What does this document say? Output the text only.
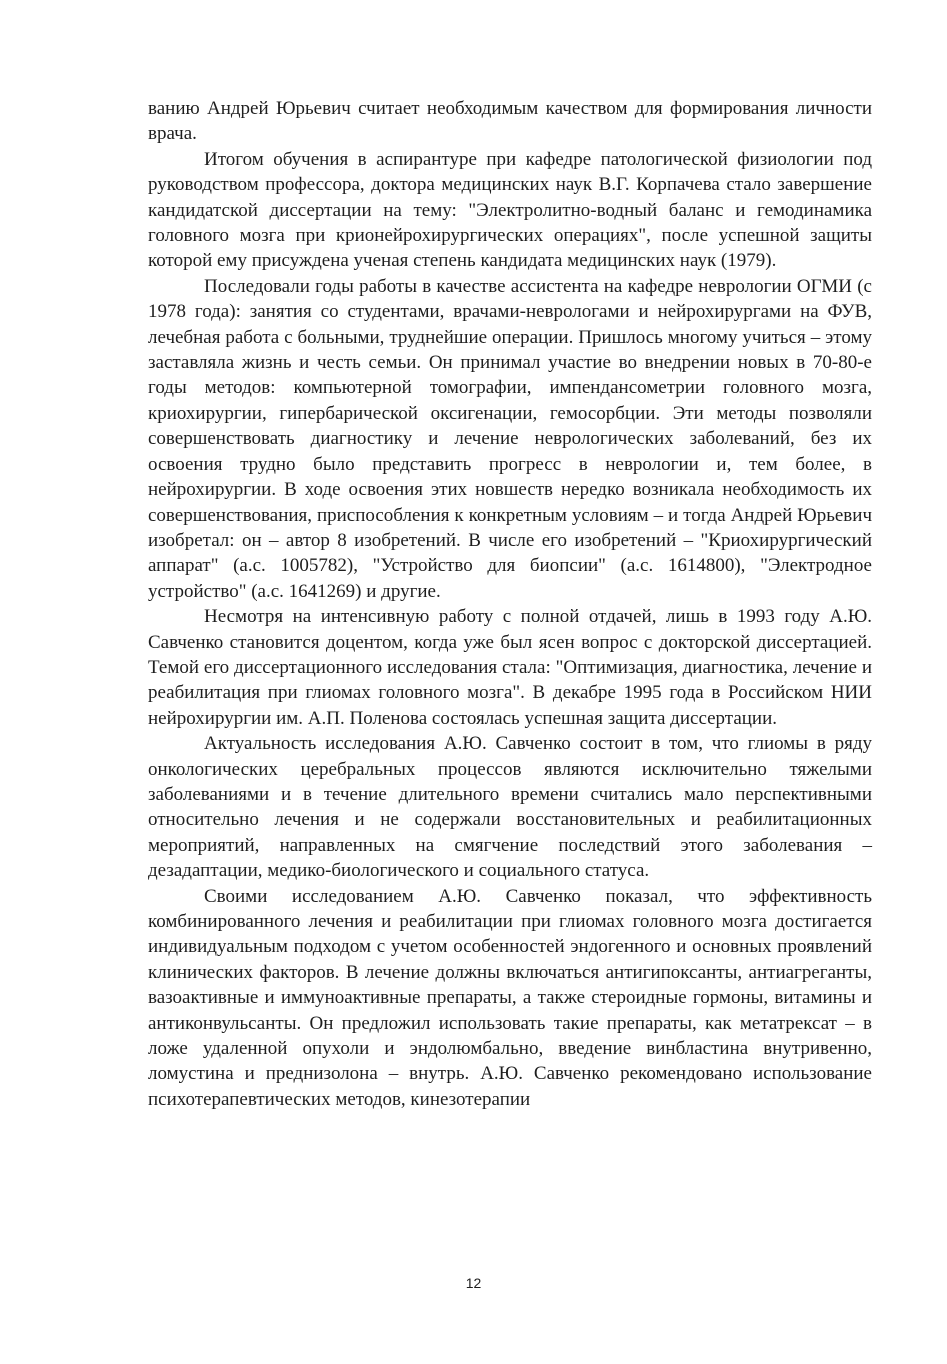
ванию Андрей Юрьевич считает необходимым качеством для формирования личности врача.

Итогом обучения в аспирантуре при кафедре патологической физиологии под руководством профессора, доктора медицинских наук В.Г. Корпачева стало завершение кандидатской диссертации на тему: "Электролитно-водный баланс и гемодинамика головного мозга при крионейрохирургических операциях", после успешной защиты которой ему присуждена ученая степень кандидата медицинских наук (1979).

Последовали годы работы в качестве ассистента на кафедре неврологии ОГМИ (с 1978 года): занятия со студентами, врачами-неврологами и нейрохирургами на ФУВ, лечебная работа с больными, труднейшие операции. Пришлось многому учиться – этому заставляла жизнь и честь семьи. Он принимал участие во внедрении новых в 70-80-е годы методов: компьютерной томографии, импендансометрии головного мозга, криохирургии, гипербарической оксигенации, гемосорбции. Эти методы позволяли совершенствовать диагностику и лечение неврологических заболеваний, без их освоения трудно было представить прогресс в неврологии и, тем более, в нейрохирургии. В ходе освоения этих новшеств нередко возникала необходимость их совершенствования, приспособления к конкретным условиям – и тогда Андрей Юрьевич изобретал: он – автор 8 изобретений. В числе его изобретений – "Криохирургический аппарат" (а.с. 1005782), "Устройство для биопсии" (а.с. 1614800), "Электродное устройство" (а.с. 1641269) и другие.

Несмотря на интенсивную работу с полной отдачей, лишь в 1993 году А.Ю. Савченко становится доцентом, когда уже был ясен вопрос с докторской диссертацией. Темой его диссертационного исследования стала: "Оптимизация, диагностика, лечение и реабилитация при глиомах головного мозга". В декабре 1995 года в Российском НИИ нейрохирургии им. А.П. Поленова состоялась успешная защита диссертации.

Актуальность исследования А.Ю. Савченко состоит в том, что глиомы в ряду онкологических церебральных процессов являются исключительно тяжелыми заболеваниями и в течение длительного времени считались мало перспективными относительно лечения и не содержали восстановительных и реабилитационных мероприятий, направленных на смягчение последствий этого заболевания – дезадаптации, медико-биологического и социального статуса.

Своими исследованием А.Ю. Савченко показал, что эффективность комбинированного лечения и реабилитации при глиомах головного мозга достигается индивидуальным подходом с учетом особенностей эндогенного и основных проявлений клинических факторов. В лечение должны включаться антигипоксанты, антиагреганты, вазоактивные и иммуноактивные препараты, а также стероидные гормоны, витамины и антиконвульсанты. Он предложил использовать такие препараты, как метатрексат – в ложе удаленной опухоли и эндолюмбально, введение винбластина внутривенно, ломустина и преднизолона – внутрь. А.Ю. Савченко рекомендовано использование психотерапевтических методов, кинезотерапии

12
